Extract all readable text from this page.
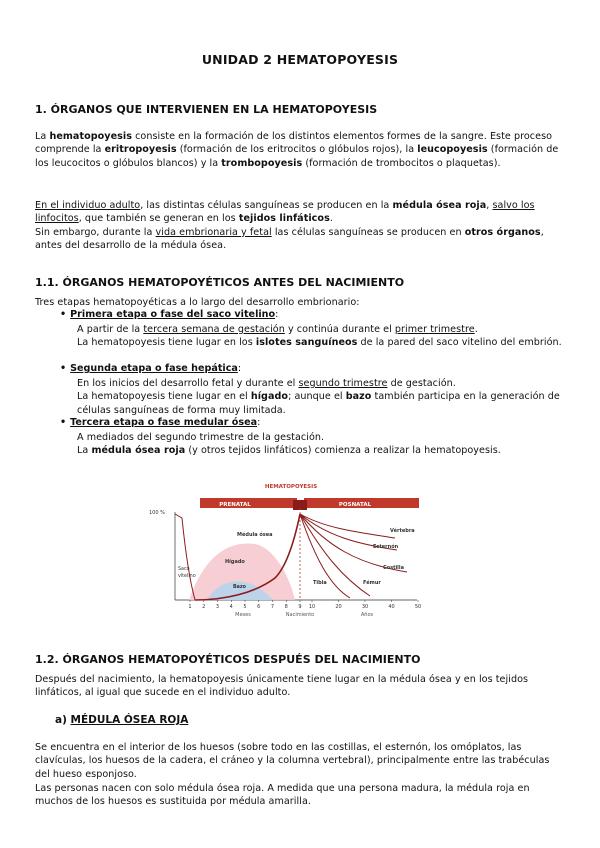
UNIDAD 2 HEMATOPOYESIS
1. ÓRGANOS QUE INTERVIENEN EN LA HEMATOPOYESIS
La hematopoyesis consiste en la formación de los distintos elementos formes de la sangre. Este proceso comprende la eritropoyesis (formación de los eritrocitos o glóbulos rojos), la leucopoyesis (formación de los leucocitos o glóbulos blancos) y la trombopoyesis (formación de trombocitos o plaquetas).
En el individuo adulto, las distintas células sanguíneas se producen en la médula ósea roja, salvo los linfocitos, que también se generan en los tejidos linfáticos.
Sin embargo, durante la vida embrionaria y fetal las células sanguíneas se producen en otros órganos, antes del desarrollo de la médula ósea.
1.1. ÓRGANOS HEMATOPOYÉTICOS ANTES DEL NACIMIENTO
Tres etapas hematopoyéticas a lo largo del desarrollo embrionario:
• Primera etapa o fase del saco vitelino:
A partir de la tercera semana de gestación y continúa durante el primer trimestre.
La hematopoyesis tiene lugar en los islotes sanguíneos de la pared del saco vitelino del embrión.
• Segunda etapa o fase hepática:
En los inicios del desarrollo fetal y durante el segundo trimestre de gestación.
La hematopoyesis tiene lugar en el hígado; aunque el bazo también participa en la generación de células sanguíneas de forma muy limitada.
• Tercera etapa o fase medular ósea:
A mediados del segundo trimestre de la gestación.
La médula ósea roja (y otros tejidos linfáticos) comienza a realizar la hematopoyesis.
HEMATOPOYESIS
PRENATAL	POSNATAL
100 %
Médula ósea
Hígado
Saco
vitelino
Bazo
Vértebra
Esternón
Costilla
Tibia	Fémur
1 2 3 4 5 6 7 8 9 10	20	30	40	50
Meses	Nacimiento	Años
1.2. ÓRGANOS HEMATOPOYÉTICOS DESPUÉS DEL NACIMIENTO
Después del nacimiento, la hematopoyesis únicamente tiene lugar en la médula ósea y en los tejidos linfáticos, al igual que sucede en el individuo adulto.
a) MÉDULA ÓSEA ROJA
Se encuentra en el interior de los huesos (sobre todo en las costillas, el esternón, los omóplatos, las clavículas, los huesos de la cadera, el cráneo y la columna vertebral), principalmente entre las trabéculas del hueso esponjoso.
Las personas nacen con solo médula ósea roja. A medida que una persona madura, la médula roja en muchos de los huesos es sustituida por médula amarilla.
